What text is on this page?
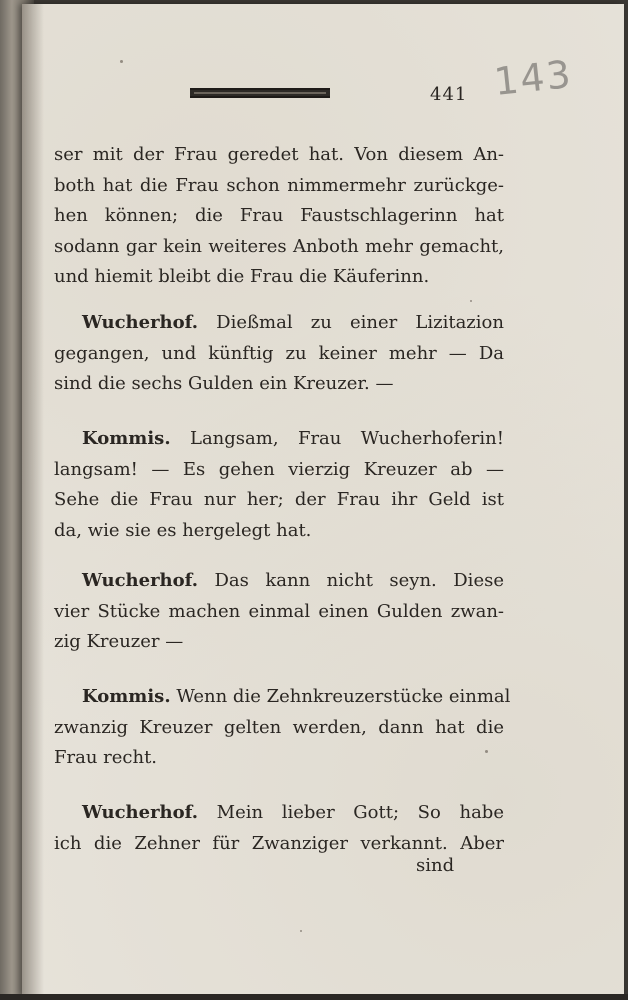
441 143
ser mit der Frau geredet hat. Von diesem An-
both hat die Frau schon nimmermehr zurückge-
hen können; die Frau Faustschlagerinn hat
sodann gar kein weiteres Anboth mehr gemacht,
und hiemit bleibt die Frau die Käuferinn.
Wucherhof. Dießmal zu einer Lizitazion
gegangen, und künftig zu keiner mehr — Da
sind die sechs Gulden ein Kreuzer. —
Kommis. Langsam, Frau Wucherhoferin!
langsam! — Es gehen vierzig Kreuzer ab —
Sehe die Frau nur her; der Frau ihr Geld ist
da, wie sie es hergelegt hat.
Wucherhof. Das kann nicht seyn. Diese
vier Stücke machen einmal einen Gulden zwan-
zig Kreuzer —
Kommis. Wenn die Zehnkreuzerstücke einmal
zwanzig Kreuzer gelten werden, dann hat die
Frau recht.
Wucherhof. Mein lieber Gott; So habe
ich die Zehner für Zwanziger verkannt. Aber
sind
